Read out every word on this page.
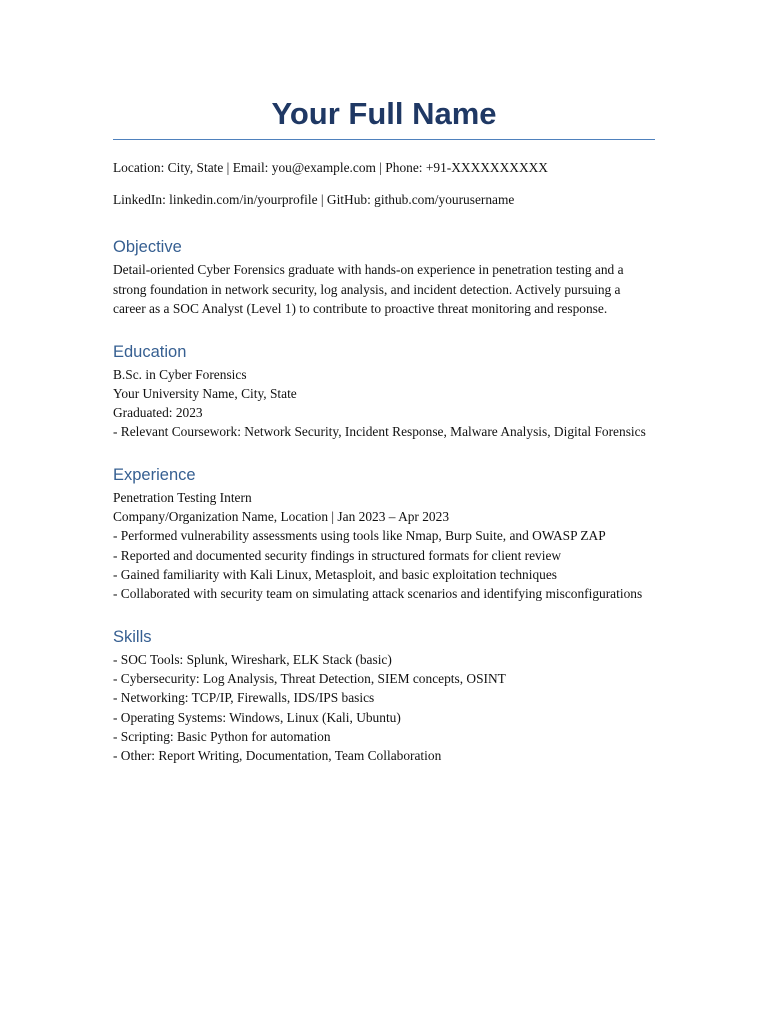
Your Full Name

Location: City, State | Email: you@example.com | Phone: +91-XXXXXXXXXX

LinkedIn: linkedin.com/in/yourprofile | GitHub: github.com/yourusername

Objective

Detail-oriented Cyber Forensics graduate with hands-on experience in penetration testing and a strong foundation in network security, log analysis, and incident detection. Actively pursuing a career as a SOC Analyst (Level 1) to contribute to proactive threat monitoring and response.

Education

B.Sc. in Cyber Forensics

Your University Name, City, State

Graduated: 2023

- Relevant Coursework: Network Security, Incident Response, Malware Analysis, Digital Forensics

Experience

Penetration Testing Intern

Company/Organization Name, Location | Jan 2023 – Apr 2023

- Performed vulnerability assessments using tools like Nmap, Burp Suite, and OWASP ZAP

- Reported and documented security findings in structured formats for client review

- Gained familiarity with Kali Linux, Metasploit, and basic exploitation techniques

- Collaborated with security team on simulating attack scenarios and identifying misconfigurations

Skills

- SOC Tools: Splunk, Wireshark, ELK Stack (basic)

- Cybersecurity: Log Analysis, Threat Detection, SIEM concepts, OSINT

- Networking: TCP/IP, Firewalls, IDS/IPS basics

- Operating Systems: Windows, Linux (Kali, Ubuntu)

- Scripting: Basic Python for automation

- Other: Report Writing, Documentation, Team Collaboration
